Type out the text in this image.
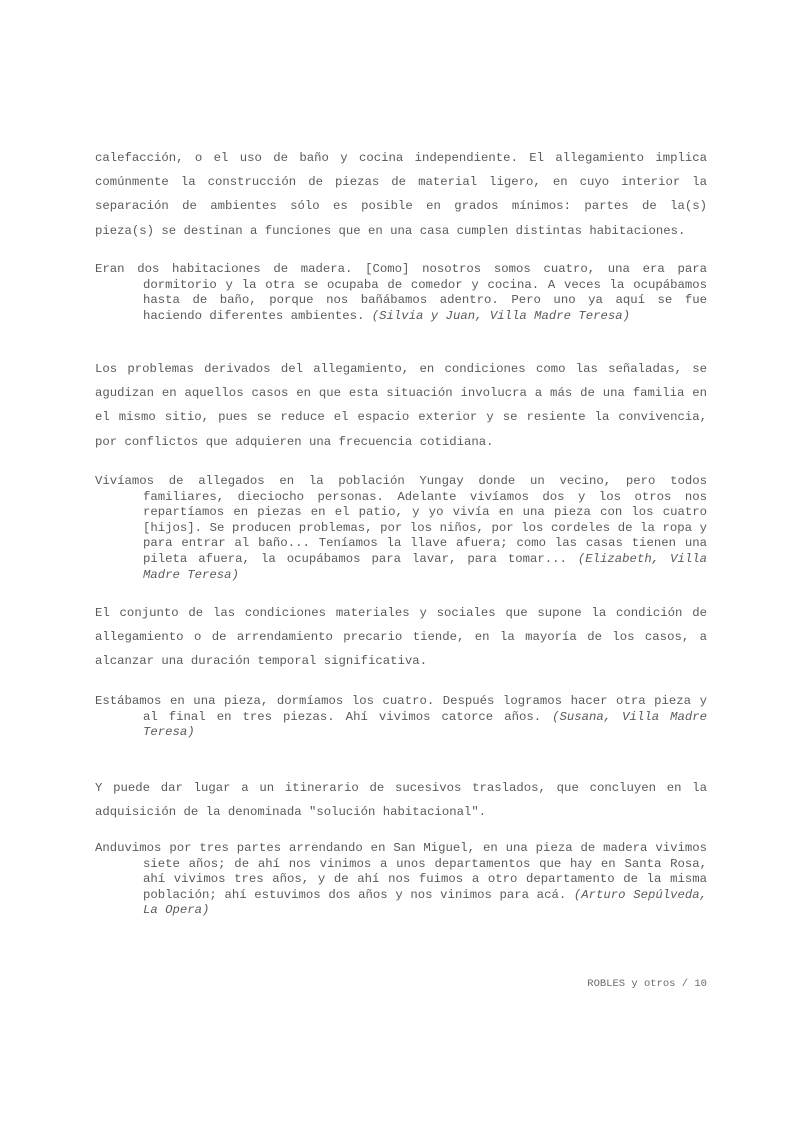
calefacción, o el uso de baño y cocina independiente. El allegamiento implica comúnmente la construcción de piezas de material ligero, en cuyo interior la separación de ambientes sólo es posible en grados mínimos: partes de la(s) pieza(s) se destinan a funciones que en una casa cumplen distintas habitaciones.

Eran dos habitaciones de madera. [Como] nosotros somos cuatro, una era para dormitorio y la otra se ocupaba de comedor y cocina. A veces la ocupábamos hasta de baño, porque nos bañábamos adentro. Pero uno ya aquí se fue haciendo diferentes ambientes. (Silvia y Juan, Villa Madre Teresa)

Los problemas derivados del allegamiento, en condiciones como las señaladas, se agudizan en aquellos casos en que esta situación involucra a más de una familia en el mismo sitio, pues se reduce el espacio exterior y se resiente la convivencia, por conflictos que adquieren una frecuencia cotidiana.

Vivíamos de allegados en la población Yungay donde un vecino, pero todos familiares, dieciocho personas. Adelante vivíamos dos y los otros nos repartíamos en piezas en el patio, y yo vivía en una pieza con los cuatro [hijos]. Se producen problemas, por los niños, por los cordeles de la ropa y para entrar al baño... Teníamos la llave afuera; como las casas tienen una pileta afuera, la ocupábamos para lavar, para tomar... (Elizabeth, Villa Madre Teresa)

El conjunto de las condiciones materiales y sociales que supone la condición de allegamiento o de arrendamiento precario tiende, en la mayoría de los casos, a alcanzar una duración temporal significativa.

Estábamos en una pieza, dormíamos los cuatro. Después logramos hacer otra pieza y al final en tres piezas. Ahí vivimos catorce años. (Susana, Villa Madre Teresa)

Y puede dar lugar a un itinerario de sucesivos traslados, que concluyen en la adquisición de la denominada "solución habitacional".

Anduvimos por tres partes arrendando en San Miguel, en una pieza de madera vivimos siete años; de ahí nos vinimos a unos departamentos que hay en Santa Rosa, ahí vivimos tres años, y de ahí nos fuimos a otro departamento de la misma población; ahí estuvimos dos años y nos vinimos para acá. (Arturo Sepúlveda, La Opera)

ROBLES y otros / 10
